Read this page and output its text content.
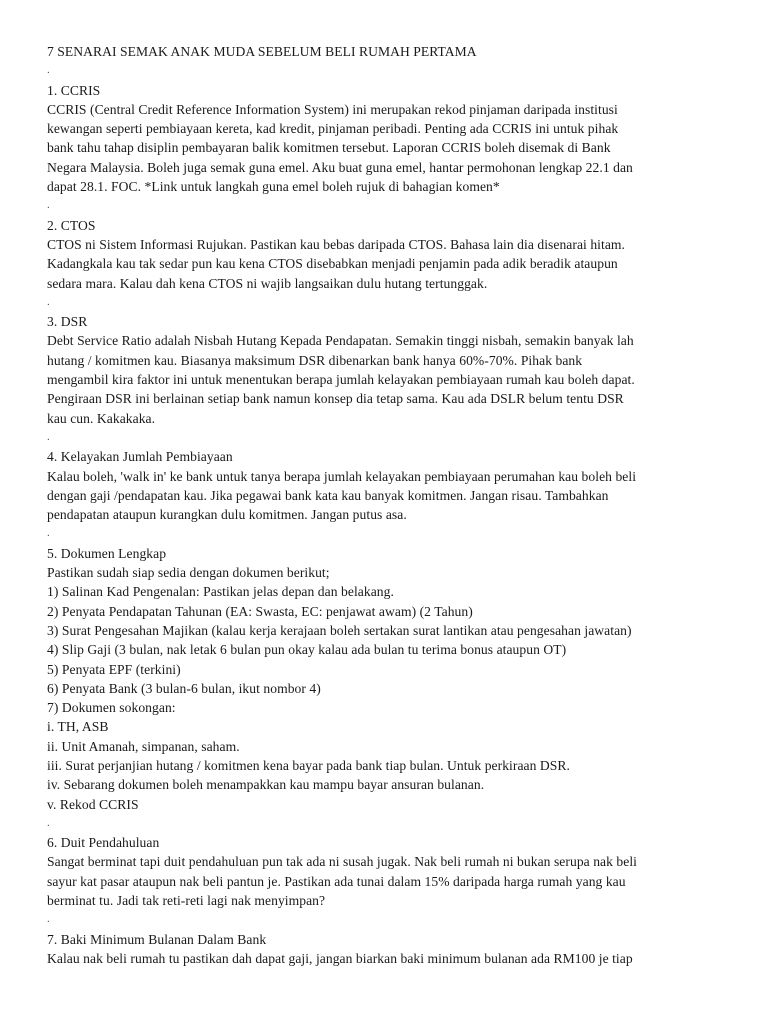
7 SENARAI SEMAK ANAK MUDA SEBELUM BELI RUMAH PERTAMA
.
1. CCRIS
CCRIS (Central Credit Reference Information System) ini merupakan rekod pinjaman daripada institusi
kewangan seperti pembiayaan kereta, kad kredit, pinjaman peribadi. Penting ada CCRIS ini untuk pihak
bank tahu tahap disiplin pembayaran balik komitmen tersebut. Laporan CCRIS boleh disemak di Bank
Negara Malaysia. Boleh juga semak guna emel. Aku buat guna emel, hantar permohonan lengkap 22.1 dan
dapat 28.1. FOC. *Link untuk langkah guna emel boleh rujuk di bahagian komen*
.
2. CTOS
CTOS ni Sistem Informasi Rujukan. Pastikan kau bebas daripada CTOS. Bahasa lain dia disenarai hitam.
Kadangkala kau tak sedar pun kau kena CTOS disebabkan menjadi penjamin pada adik beradik ataupun
sedara mara. Kalau dah kena CTOS ni wajib langsaikan dulu hutang tertunggak.
.
3. DSR
Debt Service Ratio adalah Nisbah Hutang Kepada Pendapatan. Semakin tinggi nisbah, semakin banyak lah
hutang / komitmen kau. Biasanya maksimum DSR dibenarkan bank hanya 60%-70%. Pihak bank
mengambil kira faktor ini untuk menentukan berapa jumlah kelayakan pembiayaan rumah kau boleh dapat.
Pengiraan DSR ini berlainan setiap bank namun konsep dia tetap sama. Kau ada DSLR belum tentu DSR
kau cun. Kakakaka.
.
4. Kelayakan Jumlah Pembiayaan
Kalau boleh, 'walk in' ke bank untuk tanya berapa jumlah kelayakan pembiayaan perumahan kau boleh beli
dengan gaji /pendapatan kau. Jika pegawai bank kata kau banyak komitmen. Jangan risau. Tambahkan
pendapatan ataupun kurangkan dulu komitmen. Jangan putus asa.
.
5. Dokumen Lengkap
Pastikan sudah siap sedia dengan dokumen berikut;
1) Salinan Kad Pengenalan: Pastikan jelas depan dan belakang.
2) Penyata Pendapatan Tahunan (EA: Swasta, EC: penjawat awam) (2 Tahun)
3) Surat Pengesahan Majikan (kalau kerja kerajaan boleh sertakan surat lantikan atau pengesahan jawatan)
4) Slip Gaji (3 bulan, nak letak 6 bulan pun okay kalau ada bulan tu terima bonus ataupun OT)
5) Penyata EPF (terkini)
6) Penyata Bank (3 bulan-6 bulan, ikut nombor 4)
7) Dokumen sokongan:
i. TH, ASB
ii. Unit Amanah, simpanan, saham.
iii. Surat perjanjian hutang / komitmen kena bayar pada bank tiap bulan. Untuk perkiraan DSR.
iv. Sebarang dokumen boleh menampakkan kau mampu bayar ansuran bulanan.
v. Rekod CCRIS
.
6. Duit Pendahuluan
Sangat berminat tapi duit pendahuluan pun tak ada ni susah jugak. Nak beli rumah ni bukan serupa nak beli
sayur kat pasar ataupun nak beli pantun je. Pastikan ada tunai dalam 15% daripada harga rumah yang kau
berminat tu. Jadi tak reti-reti lagi nak menyimpan?
.
7. Baki Minimum Bulanan Dalam Bank
Kalau nak beli rumah tu pastikan dah dapat gaji, jangan biarkan baki minimum bulanan ada RM100 je tiap
